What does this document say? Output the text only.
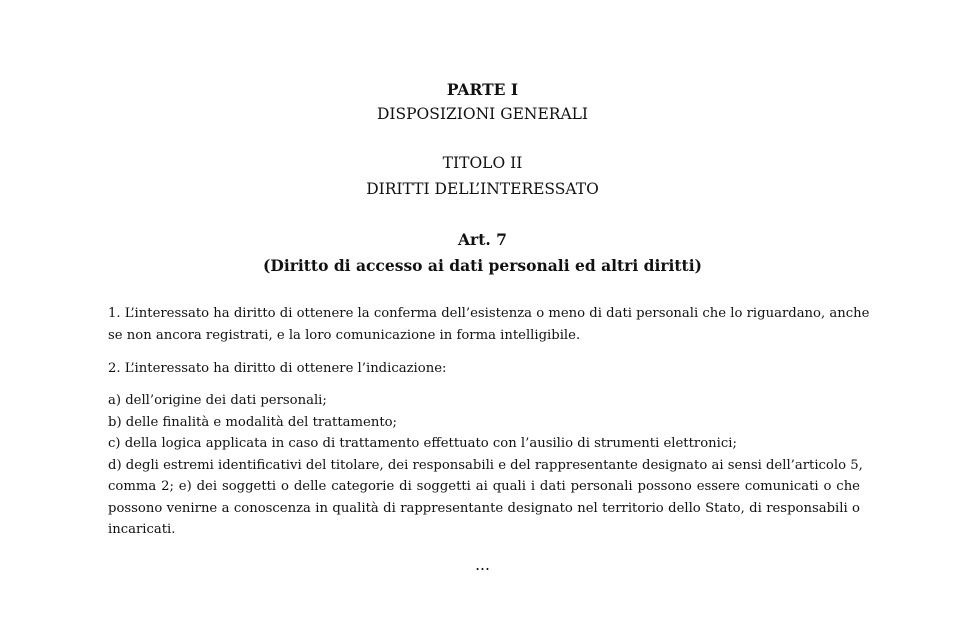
PARTE I
DISPOSIZIONI GENERALI
TITOLO II
DIRITTI DELL’INTERESSATO
Art. 7
(Diritto di accesso ai dati personali ed altri diritti)
1. L’interessato ha diritto di ottenere la conferma dell’esistenza o meno di dati personali che lo riguardano, anche
se non ancora registrati, e la loro comunicazione in forma intelligibile.
2. L’interessato ha diritto di ottenere l’indicazione:
a) dell’origine dei dati personali;
b) delle finalità e modalità del trattamento;
c) della logica applicata in caso di trattamento effettuato con l’ausilio di strumenti elettronici;
d) degli estremi identificativi del titolare, dei responsabili e del rappresentante designato ai sensi dell’articolo 5,
comma 2; e) dei soggetti o delle categorie di soggetti ai quali i dati personali possono essere comunicati o che
possono venirne a conoscenza in qualità di rappresentante designato nel territorio dello Stato, di responsabili o
incaricati.
...
